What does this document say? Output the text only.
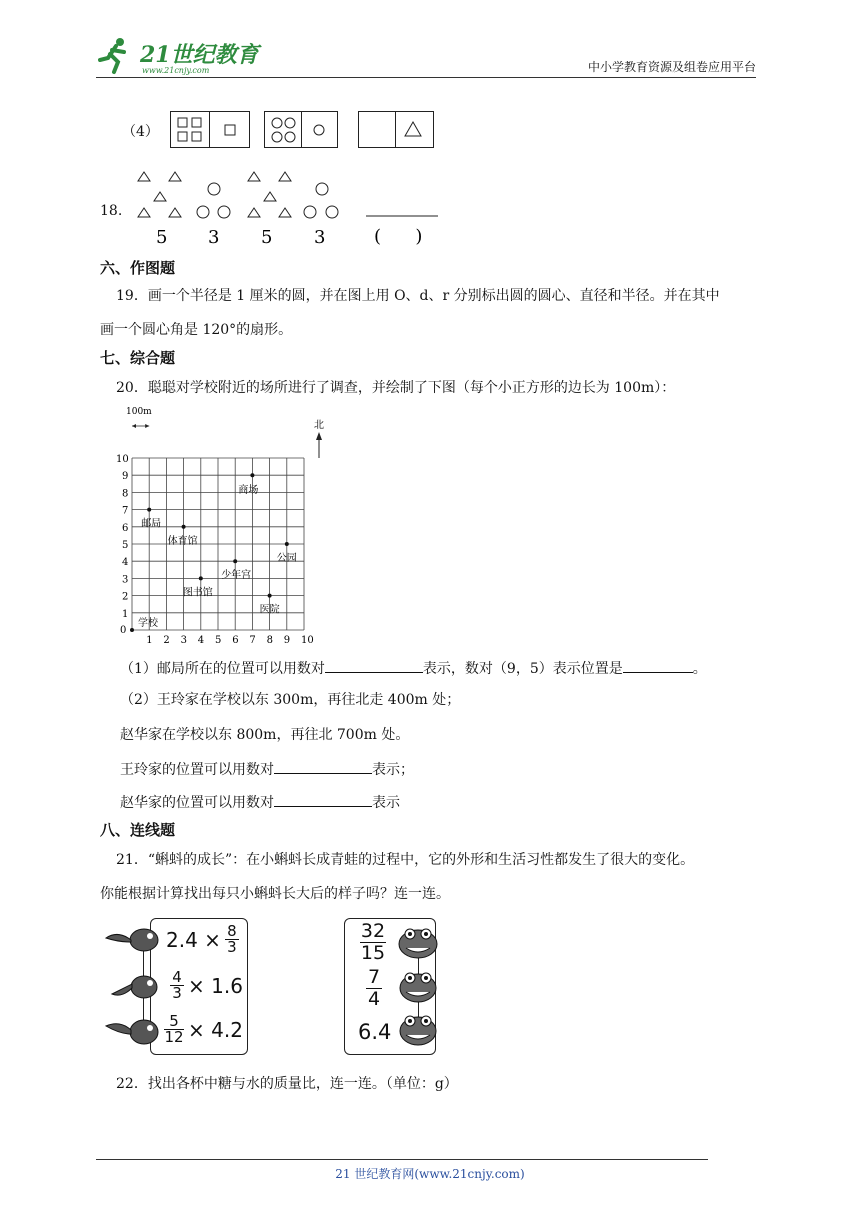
21世纪教育
www.21cnjy.com	中小学教育资源及组卷应用平台
（4）
18.
5 3 5 3	(      )
六、作图题
19．画一个半径是 1 厘米的圆，并在图上用 O、d、r 分别标出圆的圆心、直径和半径。并在其中
画一个圆心角是 120°的扇形。
七、综合题
20．聪聪对学校附近的场所进行了调查，并绘制了下图（每个小正方形的边长为 100m）：
0
1 2 3 4 5 6 7 8 9 10
1
2
3
4
5
6
7
8
9
10
100m
北
商场
邮局
体育馆
公园
少年宫
图书馆
医院
学校
（1）邮局所在的位置可以用数对	表示，数对（9，5）表示位置是	。
（2）王玲家在学校以东 300m，再往北走 400m 处；
赵华家在学校以东 800m，再往北 700m 处。
王玲家的位置可以用数对	表示；
赵华家的位置可以用数对	表示
八、连线题
21．“蝌蚪的成长”：在小蝌蚪长成青蛙的过程中，它的外形和生活习性都发生了很大的变化。
你能根据计算找出每只小蝌蚪长大后的样子吗？连一连。
2.4 × 8
3
4
3 × 1.6
5
12 × 4.2
32
15
7
4
6.4
22．找出各杯中糖与水的质量比，连一连。（单位：g）
21 世纪教育网(www.21cnjy.com)
